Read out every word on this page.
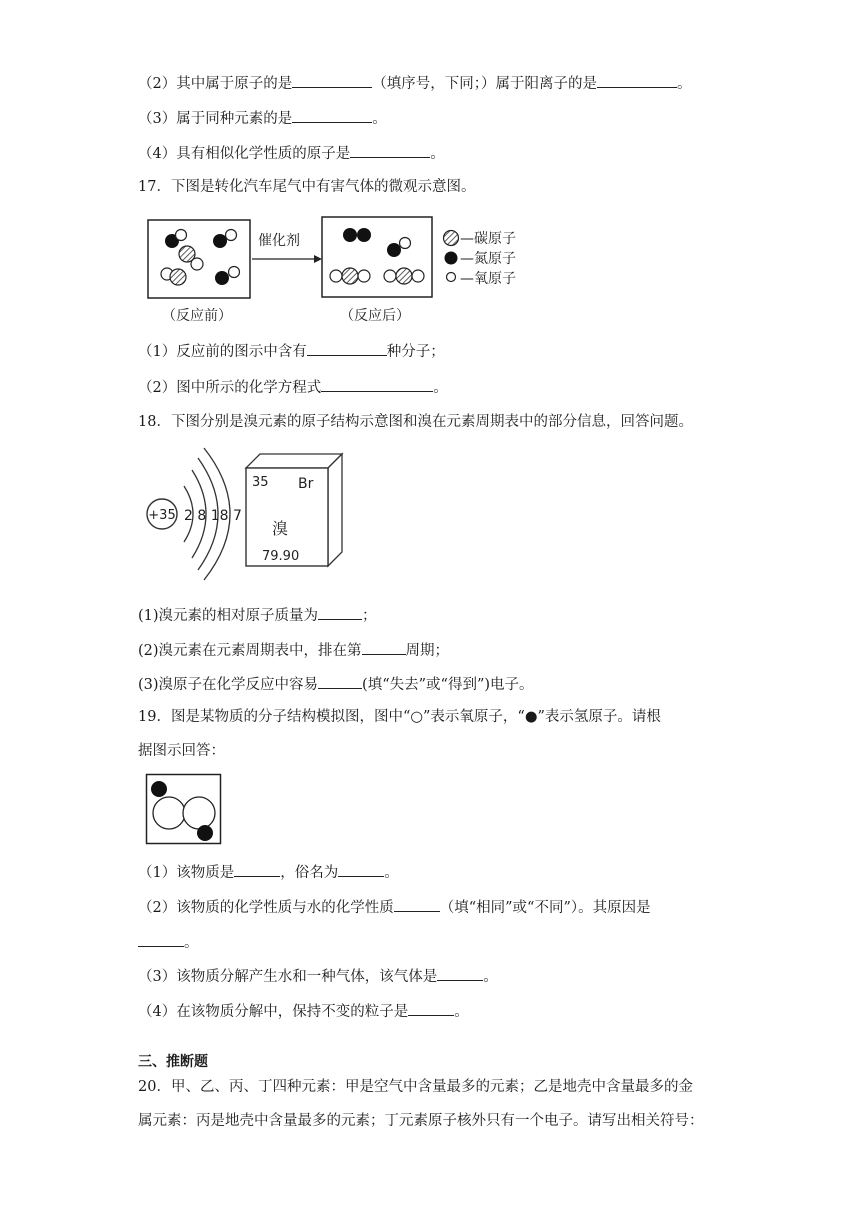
（2）其中属于原子的是	（填序号，下同；）属于阳离子的是	。
（3）属于同种元素的是	。
（4）具有相似化学性质的原子是	。
17．下图是转化汽车尾气中有害气体的微观示意图。
催化剂
（反应前）	（反应后）
—碳原子
—氮原子
—氧原子
（1）反应前的图示中含有	种分子；
（2）图中所示的化学方程式	。
18．下图分别是溴元素的原子结构示意图和溴在元素周期表中的部分信息，回答问题。
+35 2 8 18 7
35 Br
溴
79.90
(1)溴元素的相对原子质量为	；
(2)溴元素在元素周期表中，排在第	周期；
(3)溴原子在化学反应中容易	(填“失去”或“得到”)电子。
19．图是某物质的分子结构模拟图，图中“○”表示氧原子，“●”表示氢原子。请根
据图示回答：
（1）该物质是	，俗名为	。
（2）该物质的化学性质与水的化学性质	（填“相同”或“不同”）。其原因是
。
（3）该物质分解产生水和一种气体，该气体是	。
（4）在该物质分解中，保持不变的粒子是	。
三、推断题
20．甲、乙、丙、丁四种元素：甲是空气中含量最多的元素；乙是地壳中含量最多的金
属元素：丙是地壳中含量最多的元素；丁元素原子核外只有一个电子。请写出相关符号：
